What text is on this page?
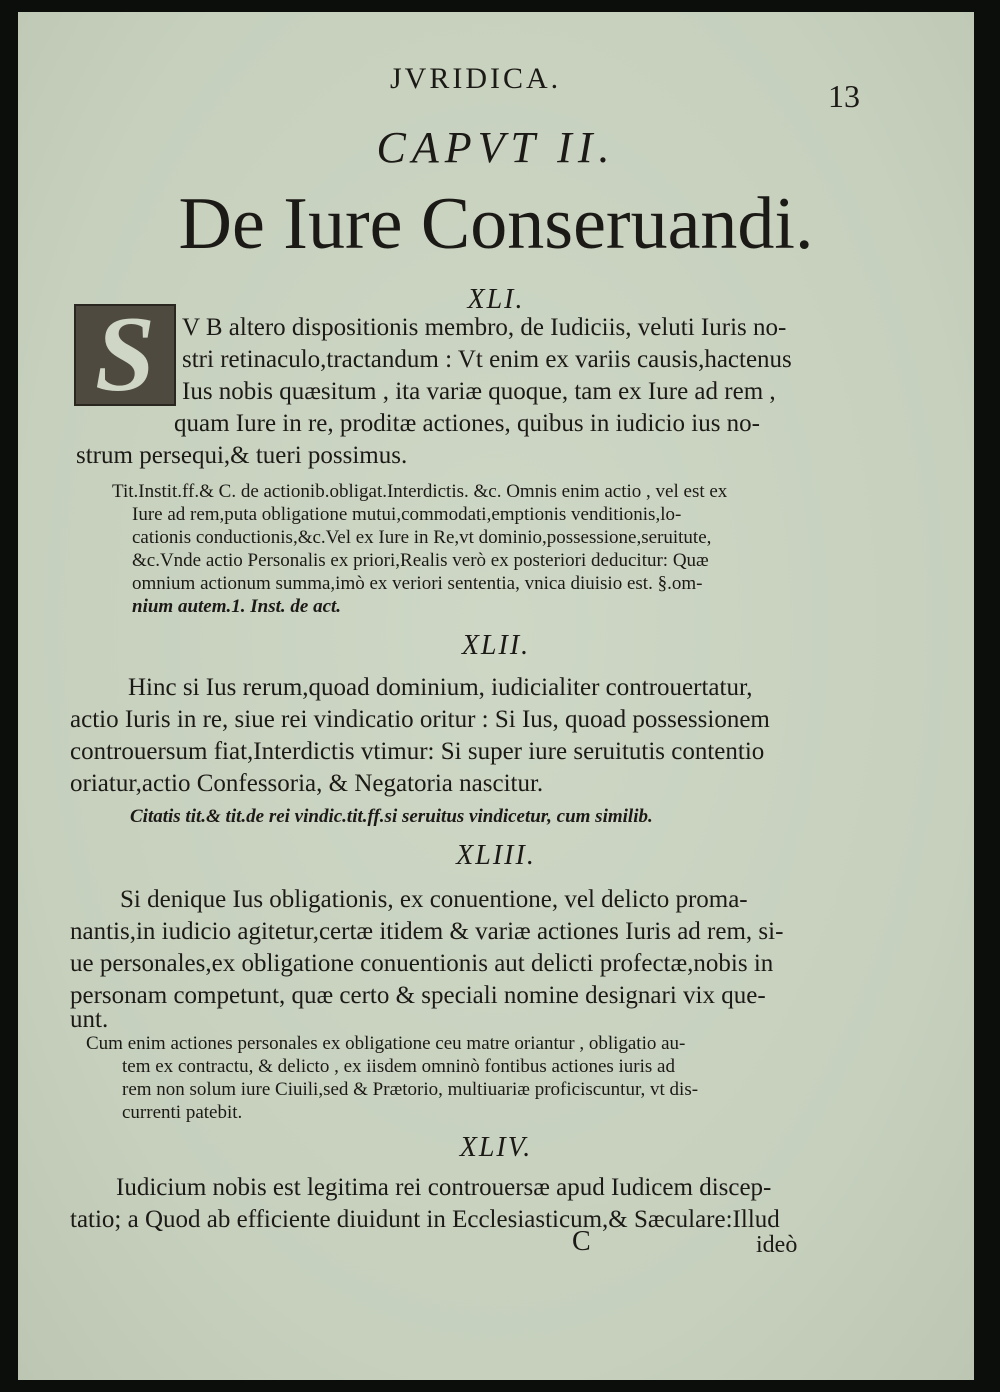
JVRIDICA.	13
CAPVT II.
De Iure Conseruandi.
XLI.
S	V B altero dispositionis membro, de Iudiciis, veluti Iuris no-
stri retinaculo,tractandum : Vt enim ex variis causis,hactenus
Ius nobis quæsitum , ita variæ quoque, tam ex Iure ad rem ,
quam Iure in re, proditæ actiones, quibus in iudicio ius no-
strum persequi,& tueri possimus.
Tit.Instit.ff.& C. de actionib.obligat.Interdictis. &c. Omnis enim actio , vel est ex
Iure ad rem,puta obligatione mutui,commodati,emptionis venditionis,lo-
cationis conductionis,&c.Vel ex Iure in Re,vt dominio,possessione,seruitute,
&c.Vnde actio Personalis ex priori,Realis verò ex posteriori deducitur: Quæ
omnium actionum summa,imò ex veriori sententia, vnica diuisio est. §.om-
nium autem.1. Inst. de act.
XLII.
Hinc si Ius rerum,quoad dominium, iudicialiter controuertatur,
actio Iuris in re, siue rei vindicatio oritur : Si Ius, quoad possessionem
controuersum fiat,Interdictis vtimur: Si super iure seruitutis contentio
oriatur,actio Confessoria, & Negatoria nascitur.
Citatis tit.& tit.de rei vindic.tit.ff.si seruitus vindicetur, cum similib.
XLIII.
Si denique Ius obligationis, ex conuentione, vel delicto proma-
nantis,in iudicio agitetur,certæ itidem & variæ actiones Iuris ad rem, si-
ue personales,ex obligatione conuentionis aut delicti profectæ,nobis in
personam competunt, quæ certo & speciali nomine designari vix que-
unt.
Cum enim actiones personales ex obligatione ceu matre oriantur , obligatio au-
tem ex contractu, & delicto , ex iisdem omninò fontibus actiones iuris ad
rem non solum iure Ciuili,sed & Prætorio, multiuariæ proficiscuntur, vt dis-
currenti patebit.
XLIV.
Iudicium nobis est legitima rei controuersæ apud Iudicem discep-
tatio; a Quod ab efficiente diuidunt in Ecclesiasticum,& Sæculare:Illud
C	ideò
